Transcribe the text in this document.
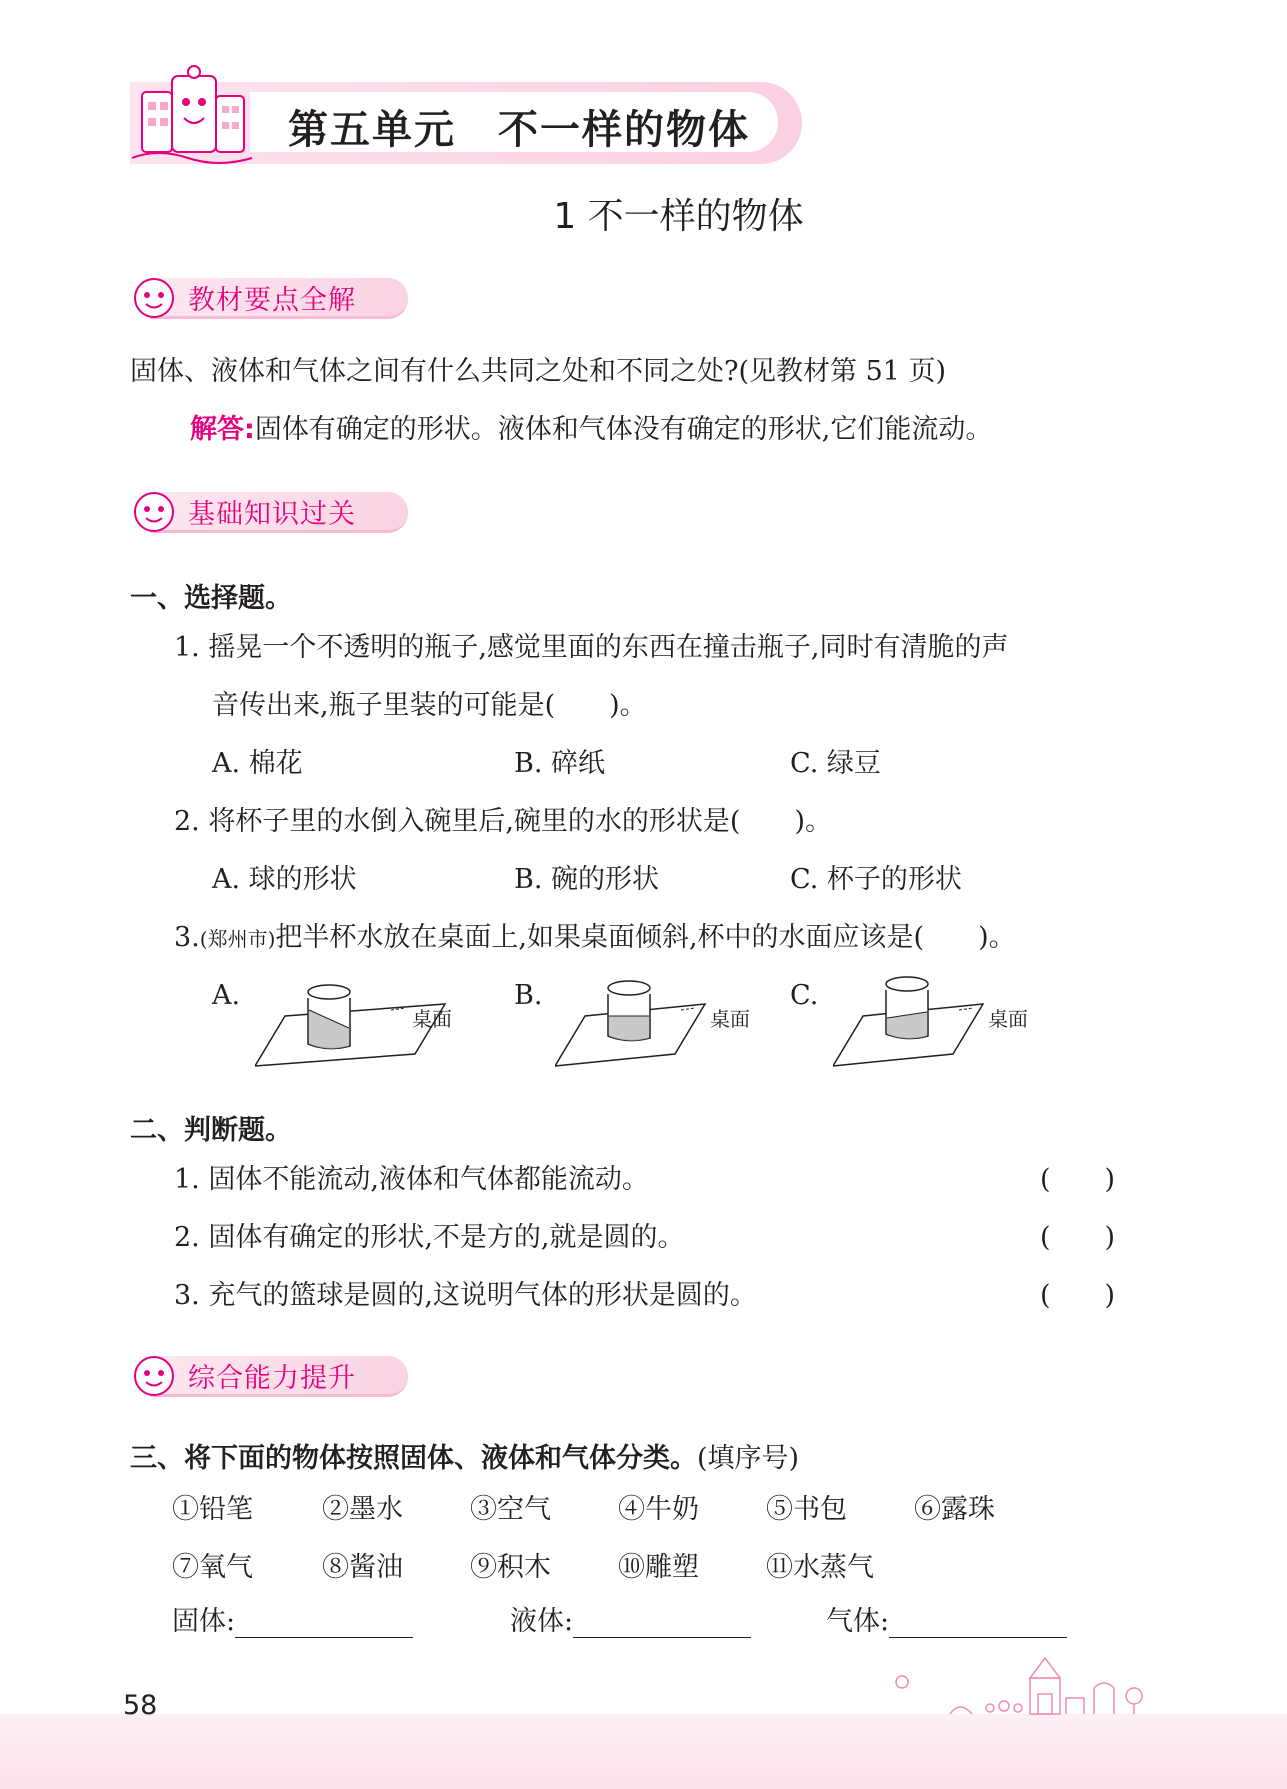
第五单元　不一样的物体
1 不一样的物体
教材要点全解
固体、液体和气体之间有什么共同之处和不同之处?(见教材第 51 页)
解答:固体有确定的形状。液体和气体没有确定的形状,它们能流动。
基础知识过关
一、选择题。
1. 摇晃一个不透明的瓶子,感觉里面的东西在撞击瓶子,同时有清脆的声
音传出来,瓶子里装的可能是(　　)。
A. 棉花	B. 碎纸	C. 绿豆
2. 将杯子里的水倒入碗里后,碗里的水的形状是(　　)。
A. 球的形状	B. 碗的形状	C. 杯子的形状
3.(郑州市)把半杯水放在桌面上,如果桌面倾斜,杯中的水面应该是(　　)。
A.	B.	C.
桌面	桌面	桌面
二、判断题。
1. 固体不能流动,液体和气体都能流动。	(　　)
2. 固体有确定的形状,不是方的,就是圆的。	(　　)
3. 充气的篮球是圆的,这说明气体的形状是圆的。	(　　)
综合能力提升
三、将下面的物体按照固体、液体和气体分类。(填序号)
①铅笔	②墨水 ③空气 ④牛奶 ⑤书包 ⑥露珠
⑦氧气	⑧酱油 ⑨积木 ⑩雕塑 ⑪水蒸气
固体:	液体:	气体:
58
